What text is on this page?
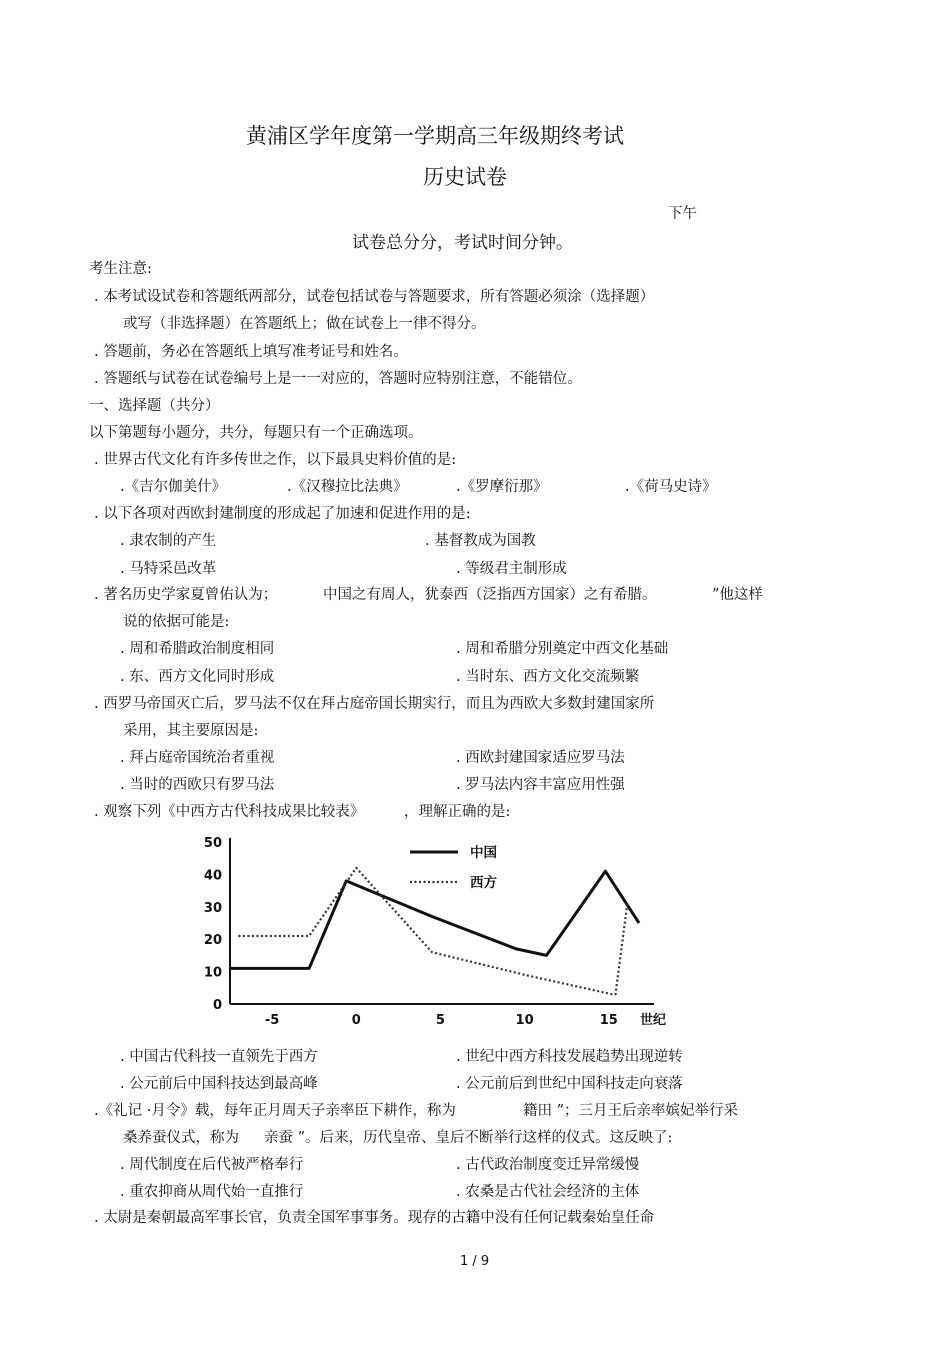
黄浦区学年度第一学期高三年级期终考试
历史试卷
下午
试卷总分分，考试时间分钟。
考生注意:
. 本考试设试卷和答题纸两部分，试卷包括试卷与答题要求，所有答题必须涂（选择题）
或写（非选择题）在答题纸上；做在试卷上一律不得分。
. 答题前，务必在答题纸上填写准考证号和姓名。
. 答题纸与试卷在试卷编号上是一一对应的，答题时应特别注意，不能错位。
一、选择题（共分）
以下第题每小题分，共分，每题只有一个正确选项。
. 世界古代文化有许多传世之作，以下最具史料价值的是:
.《吉尔伽美什》	.《汉穆拉比法典》	.《罗摩衍那》	.《荷马史诗》
. 以下各项对西欧封建制度的形成起了加速和促进作用的是:
. 隶农制的产生	. 基督教成为国教
. 马特采邑改革	. 等级君主制形成
. 著名历史学家夏曾佑认为；	中国之有周人，犹泰西（泛指西方国家）之有希腊。	”他这样
说的依据可能是:
. 周和希腊政治制度相同	. 周和希腊分别奠定中西文化基础
. 东、西方文化同时形成	. 当时东、西方文化交流频繁
. 西罗马帝国灭亡后，罗马法不仅在拜占庭帝国长期实行，而且为西欧大多数封建国家所
采用，其主要原因是:
. 拜占庭帝国统治者重视	. 西欧封建国家适应罗马法
. 当时的西欧只有罗马法	. 罗马法内容丰富应用性强
. 观察下列《中西方古代科技成果比较表》	，理解正确的是:
0
10
20
30
40
50
-5	0	5	10	15 世纪
中国
西方
. 中国古代科技一直领先于西方	. 世纪中西方科技发展趋势出现逆转
. 公元前后中国科技达到最高峰	. 公元前后到世纪中国科技走向衰落
.《礼记 ·月令》载，每年正月周天子亲率臣下耕作，称为	籍田 ”；三月王后亲率嫔妃举行采
桑养蚕仪式，称为 亲蚕 ”。后来，历代皇帝、皇后不断举行这样的仪式。这反映了:
. 周代制度在后代被严格奉行	. 古代政治制度变迁异常缓慢
. 重农抑商从周代始一直推行	. 农桑是古代社会经济的主体
. 太尉是秦朝最高军事长官，负责全国军事事务。现存的古籍中没有任何记载秦始皇任命
1 / 9
